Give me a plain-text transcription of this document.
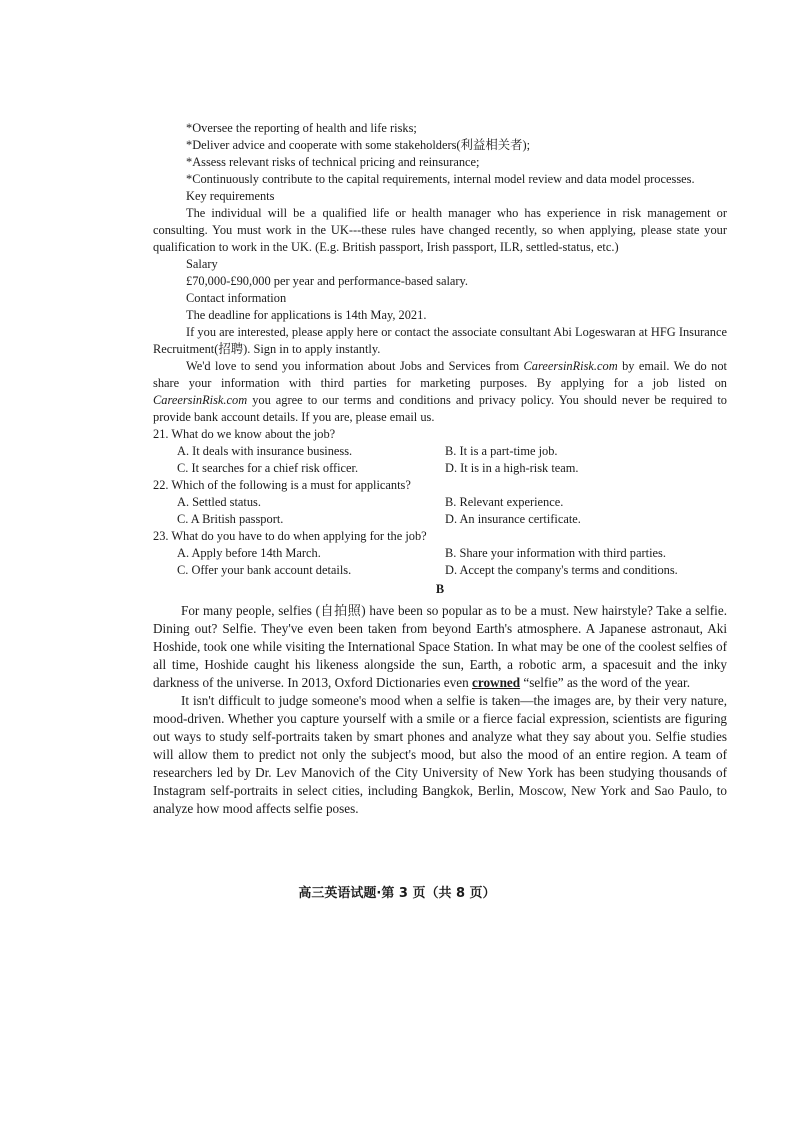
*Oversee the reporting of health and life risks;

*Deliver advice and cooperate with some stakeholders(利益相关者);

*Assess relevant risks of technical pricing and reinsurance;

*Continuously contribute to the capital requirements, internal model review and data model processes.

Key requirements

The individual will be a qualified life or health manager who has experience in risk management or consulting. You must work in the UK---these rules have changed recently, so when applying, please state your qualification to work in the UK. (E.g. British passport, Irish passport, ILR, settled-status, etc.)

Salary

£70,000-£90,000 per year and performance-based salary.

Contact information

The deadline for applications is 14th May, 2021.

If you are interested, please apply here or contact the associate consultant Abi Logeswaran at HFG Insurance Recruitment(招聘). Sign in to apply instantly.

We'd love to send you information about Jobs and Services from CareersinRisk.com by email. We do not share your information with third parties for marketing purposes. By applying for a job listed on CareersinRisk.com you agree to our terms and conditions and privacy policy. You should never be required to provide bank account details. If you are, please email us.

21. What do we know about the job?

A. It deals with insurance business.	B. It is a part-time job.
C. It searches for a chief risk officer.	D. It is in a high-risk team.

22. Which of the following is a must for applicants?

A. Settled status.	B. Relevant experience.
C. A British passport.	D. An insurance certificate.

23. What do you have to do when applying for the job?

A. Apply before 14th March.	B. Share your information with third parties.
C. Offer your bank account details.	D. Accept the company's terms and conditions.
B

For many people, selfies (自拍照) have been so popular as to be a must. New hairstyle? Take a selfie. Dining out? Selfie. They've even been taken from beyond Earth's atmosphere. A Japanese astronaut, Aki Hoshide, took one while visiting the International Space Station. In what may be one of the coolest selfies of all time, Hoshide caught his likeness alongside the sun, Earth, a robotic arm, a spacesuit and the inky darkness of the universe. In 2013, Oxford Dictionaries even crowned “selfie” as the word of the year.

It isn't difficult to judge someone's mood when a selfie is taken—the images are, by their very nature, mood-driven. Whether you capture yourself with a smile or a fierce facial expression, scientists are figuring out ways to study self-portraits taken by smart phones and analyze what they say about you. Selfie studies will allow them to predict not only the subject's mood, but also the mood of an entire region. A team of researchers led by Dr. Lev Manovich of the City University of New York has been studying thousands of Instagram self-portraits in select cities, including Bangkok, Berlin, Moscow, New York and Sao Paulo, to analyze how mood affects selfie poses.

高三英语试题·第 3 页（共 8 页）
